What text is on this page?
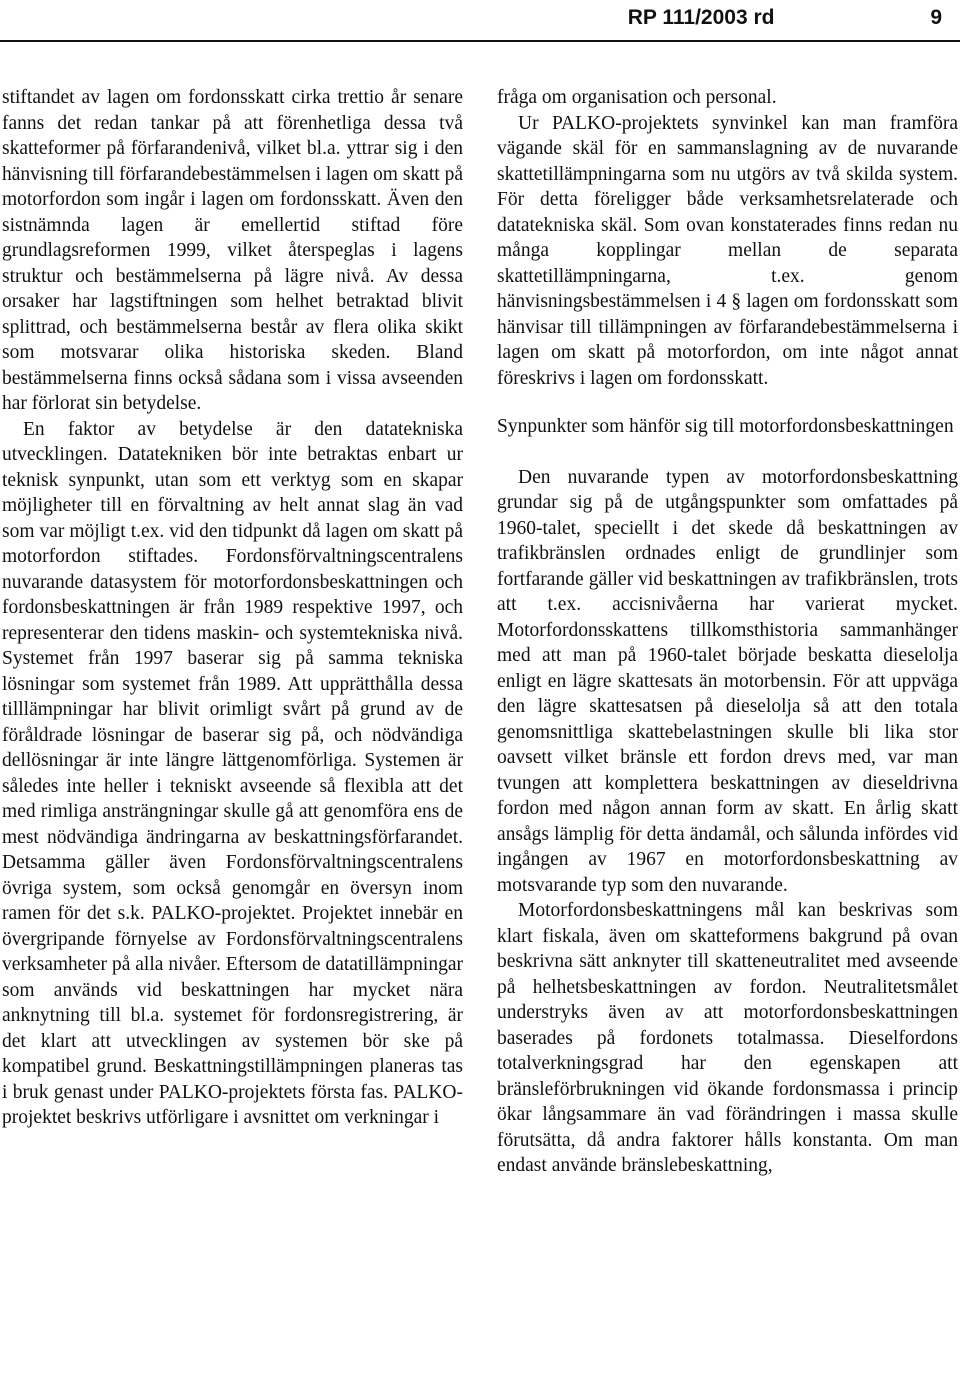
RP 111/2003 rd	9

stiftandet av lagen om fordonsskatt cirka trettio år senare fanns det redan tankar på att förenhetliga dessa två skatteformer på förfarandenivå, vilket bl.a. yttrar sig i den hänvisning till förfarandebestämmelsen i lagen om skatt på motorfordon som ingår i lagen om fordonsskatt. Även den sistnämnda lagen är emellertid stiftad före grundlagsreformen 1999, vilket återspeglas i lagens struktur och bestämmelserna på lägre nivå. Av dessa orsaker har lagstiftningen som helhet betraktad blivit splittrad, och bestämmelserna består av flera olika skikt som motsvarar olika historiska skeden. Bland bestämmelserna finns också sådana som i vissa avseenden har förlorat sin betydelse.

En faktor av betydelse är den datatekniska utvecklingen. Datatekniken bör inte betraktas enbart ur teknisk synpunkt, utan som ett verktyg som en skapar möjligheter till en förvaltning av helt annat slag än vad som var möjligt t.ex. vid den tidpunkt då lagen om skatt på motorfordon stiftades. Fordonsförvaltningscentralens nuvarande datasystem för motorfordonsbeskattningen och fordonsbeskattningen är från 1989 respektive 1997, och representerar den tidens maskin- och systemtekniska nivå. Systemet från 1997 baserar sig på samma tekniska lösningar som systemet från 1989. Att upprätthålla dessa tilllämpningar har blivit orimligt svårt på grund av de föråldrade lösningar de baserar sig på, och nödvändiga dellösningar är inte längre lättgenomförliga. Systemen är således inte heller i tekniskt avseende så flexibla att det med rimliga ansträngningar skulle gå att genomföra ens de mest nödvändiga ändringarna av beskattningsförfarandet. Detsamma gäller även Fordonsförvaltningscentralens övriga system, som också genomgår en översyn inom ramen för det s.k. PALKO-projektet. Projektet innebär en övergripande förnyelse av Fordonsförvaltningscentralens verksamheter på alla nivåer. Eftersom de datatillämpningar som används vid beskattningen har mycket nära anknytning till bl.a. systemet för fordonsregistrering, är det klart att utvecklingen av systemen bör ske på kompatibel grund. Beskattningstillämpningen planeras tas i bruk genast under PALKO-projektets första fas. PALKO-projektet beskrivs utförligare i avsnittet om verkningar i

fråga om organisation och personal.

Ur PALKO-projektets synvinkel kan man framföra vägande skäl för en sammanslagning av de nuvarande skattetillämpningarna som nu utgörs av två skilda system. För detta föreligger både verksamhetsrelaterade och datatekniska skäl. Som ovan konstaterades finns redan nu många kopplingar mellan de separata skattetillämpningarna, t.ex. genom hänvisningsbestämmelsen i 4 § lagen om fordonsskatt som hänvisar till tillämpningen av förfarandebestämmelserna i lagen om skatt på motorfordon, om inte något annat föreskrivs i lagen om fordonsskatt.

Synpunkter som hänför sig till motorfordonsbeskattningen

Den nuvarande typen av motorfordonsbeskattning grundar sig på de utgångspunkter som omfattades på 1960-talet, speciellt i det skede då beskattningen av trafikbränslen ordnades enligt de grundlinjer som fortfarande gäller vid beskattningen av trafikbränslen, trots att t.ex. accisnivåerna har varierat mycket. Motorfordonsskattens tillkomsthistoria sammanhänger med att man på 1960-talet började beskatta dieselolja enligt en lägre skattesats än motorbensin. För att uppväga den lägre skattesatsen på dieselolja så att den totala genomsnittliga skattebelastningen skulle bli lika stor oavsett vilket bränsle ett fordon drevs med, var man tvungen att komplettera beskattningen av dieseldrivna fordon med någon annan form av skatt. En årlig skatt ansågs lämplig för detta ändamål, och sålunda infördes vid ingången av 1967 en motorfordonsbeskattning av motsvarande typ som den nuvarande.

Motorfordonsbeskattningens mål kan beskrivas som klart fiskala, även om skatteformens bakgrund på ovan beskrivna sätt anknyter till skatteneutralitet med avseende på helhetsbeskattningen av fordon. Neutralitetsmålet understryks även av att motorfordonsbeskattningen baserades på fordonets totalmassa. Dieselfordons totalverkningsgrad har den egenskapen att bränsleförbrukningen vid ökande fordonsmassa i princip ökar långsammare än vad förändringen i massa skulle förutsätta, då andra faktorer hålls konstanta. Om man endast använde bränslebeskattning,
